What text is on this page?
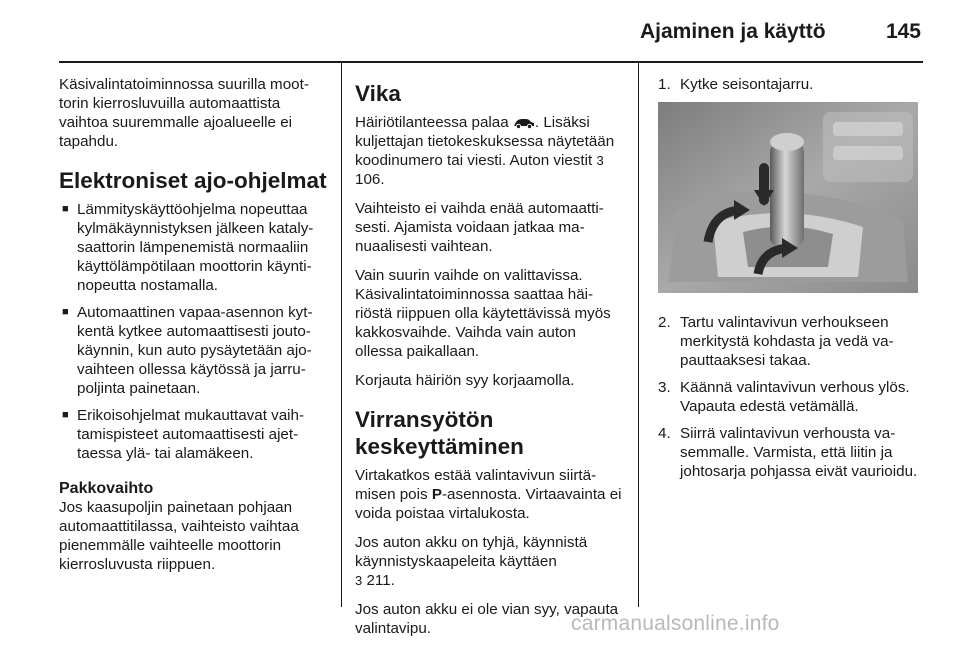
Ajaminen ja käyttö	145

Käsivalintatoiminnossa suurilla moottorin kierrosluvuilla automaattista vaihtoa suuremmalle ajoalueelle ei tapahdu.

Elektroniset ajo-ohjelmat
■ Lämmityskäyttöohjelma nopeuttaa kylmäkäynnistyksen jälkeen katalysaattorin lämpenemistä normaaliin käyttölämpötilaan moottorin käyntinopeutta nostamalla.
■ Automaattinen vapaa-asennon kytkentä kytkee automaattisesti joutokäynnin, kun auto pysäytetään ajovaihteen ollessa käytössä ja jarrupoljinta painetaan.
■ Erikoisohjelmat mukauttavat vaihtamispisteet automaattisesti ajettaessa ylä- tai alamäkeen.
Pakkovaihto

Jos kaasupoljin painetaan pohjaan automaattitilassa, vaihteisto vaihtaa pienemmälle vaihteelle moottorin kierrosluvusta riippuen.

Vika

Häiriötilanteessa palaa . Lisäksi kuljettajan tietokeskuksessa näytetään koodinumero tai viesti. Auton viestit 3 106.

Vaihteisto ei vaihda enää automaattisesti. Ajamista voidaan jatkaa manuaalisesti vaihtean.

Vain suurin vaihde on valittavissa. Käsivalintatoiminnossa saattaa häiriöstä riippuen olla käytettävissä myös kakkosvaihde. Vaihda vain auton ollessa paikallaan.

Korjauta häiriön syy korjaamolla.

Virransyötön keskeyttäminen

Virtakatkos estää valintavivun siirtämisen pois P-asennosta. Virtaavainta ei voida poistaa virtalukosta.

Jos auton akku on tyhjä, käynnistä käynnistyskaapeleita käyttäen
3 211.

Jos auton akku ei ole vian syy, vapauta valintavipu.

1. Kytke seisontajarru.
2. Tartu valintavivun verhoukseen merkitystä kohdasta ja vedä vapauttaaksesi takaa.
3. Käännä valintavivun verhous ylös. Vapauta edestä vetämällä.
4. Siirrä valintavivun verhousta vasemmalle. Varmista, että liitin ja johtosarja pohjassa eivät vaurioidu.
carmanualsonline.info
